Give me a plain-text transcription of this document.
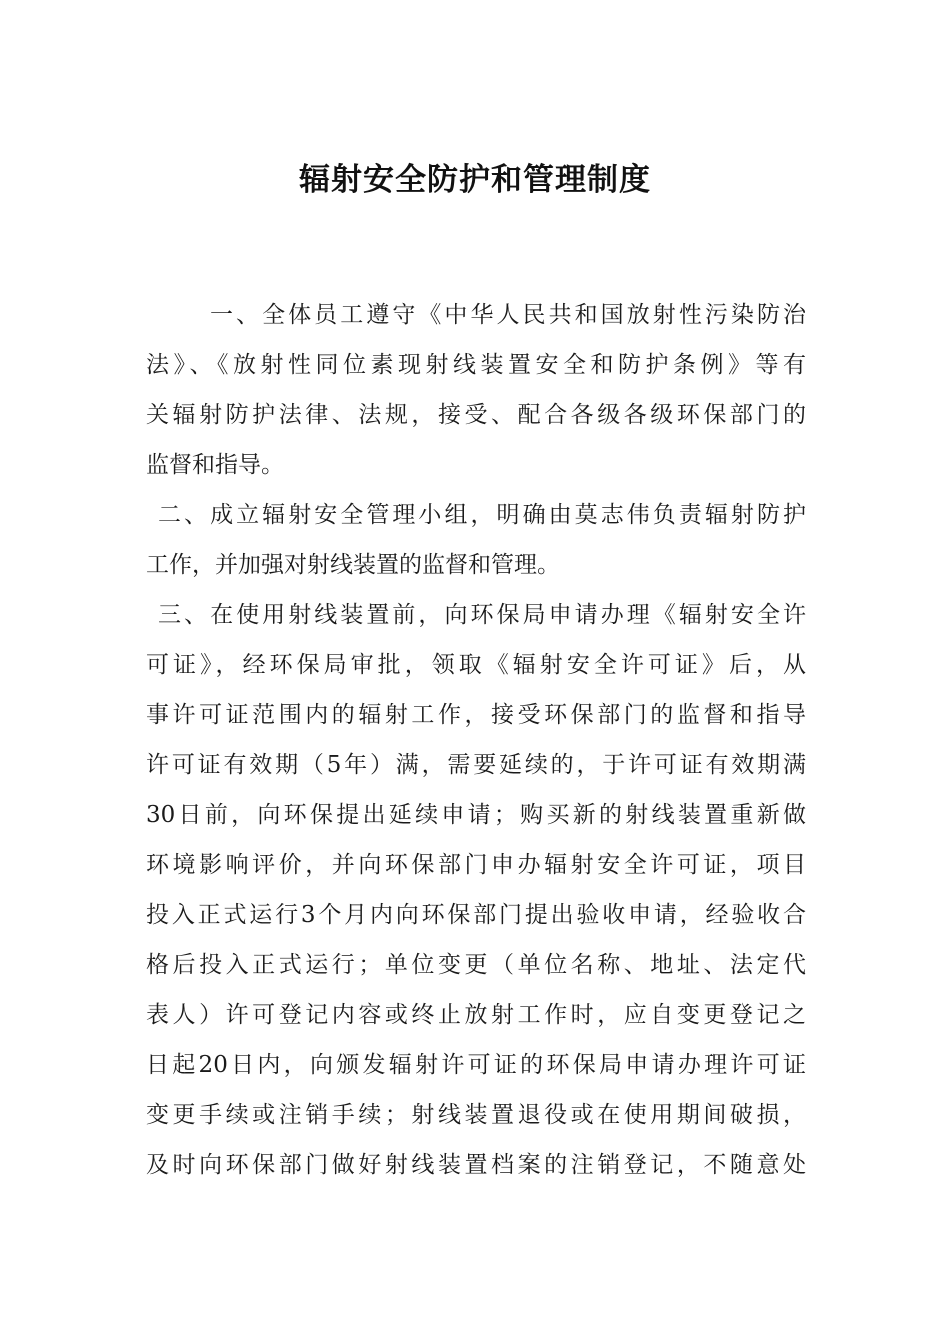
辐射安全防护和管理制度
一、全体员工遵守《中华人民共和国放射性污染防治
法》、《放射性同位素现射线装置安全和防护条例》等有
关辐射防护法律、法规，接受、配合各级各级环保部门的
监督和指导。
二、成立辐射安全管理小组，明确由莫志伟负责辐射防护
工作，并加强对射线装置的监督和管理。
三、在使用射线装置前，向环保局申请办理《辐射安全许
可证》，经环保局审批，领取《辐射安全许可证》后，从
事许可证范围内的辐射工作，接受环保部门的监督和指导
许可证有效期（5年）满，需要延续的，于许可证有效期满
30日前，向环保提出延续申请；购买新的射线装置重新做
环境影响评价，并向环保部门申办辐射安全许可证，项目
投入正式运行3个月内向环保部门提出验收申请，经验收合
格后投入正式运行；单位变更（单位名称、地址、法定代
表人）许可登记内容或终止放射工作时，应自变更登记之
日起20日内，向颁发辐射许可证的环保局申请办理许可证
变更手续或注销手续；射线装置退役或在使用期间破损，
及时向环保部门做好射线装置档案的注销登记，不随意处
